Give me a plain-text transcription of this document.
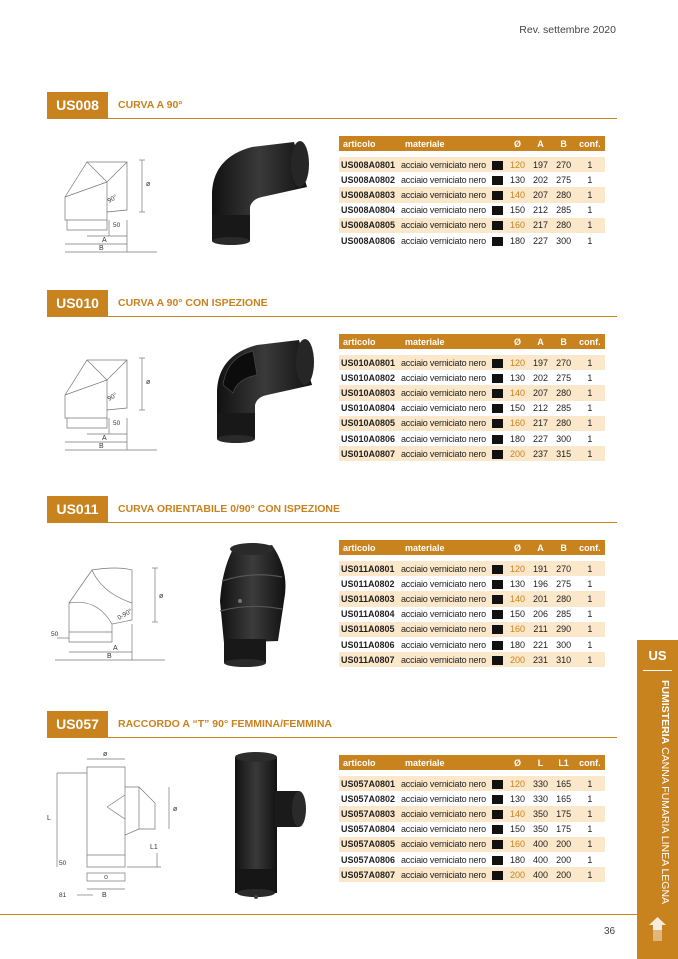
Rev. settembre 2020
US008	CURVA A 90°
ø
90°
50
A
B
articolo	materiale		Ø	A	B	conf.
US008A0801	acciaio verniciato nero		120	197	270	1
US008A0802	acciaio verniciato nero		130	202	275	1
US008A0803	acciaio verniciato nero		140	207	280	1
US008A0804	acciaio verniciato nero		150	212	285	1
US008A0805	acciaio verniciato nero		160	217	280	1
US008A0806	acciaio verniciato nero		180	227	300	1
US010	CURVA A 90° CON ISPEZIONE
ø
90°
50
A
B
articolo	materiale		Ø	A	B	conf.
US010A0801	acciaio verniciato nero		120	197	270	1
US010A0802	acciaio verniciato nero		130	202	275	1
US010A0803	acciaio verniciato nero		140	207	280	1
US010A0804	acciaio verniciato nero		150	212	285	1
US010A0805	acciaio verniciato nero		160	217	280	1
US010A0806	acciaio verniciato nero		180	227	300	1
US010A0807	acciaio verniciato nero		200	237	315	1
US011	CURVA ORIENTABILE 0/90° CON ISPEZIONE
ø
0-90°
50
A
B
articolo	materiale		Ø	A	B	conf.
US011A0801	acciaio verniciato nero		120	191	270	1
US011A0802	acciaio verniciato nero		130	196	275	1
US011A0803	acciaio verniciato nero		140	201	280	1
US011A0804	acciaio verniciato nero		150	206	285	1
US011A0805	acciaio verniciato nero		160	211	290	1
US011A0806	acciaio verniciato nero		180	221	300	1
US011A0807	acciaio verniciato nero		200	231	310	1
US057	RACCORDO A “T” 90° FEMMINA/FEMMINA
ø
L
ø
L1
50
81	B
articolo	materiale		Ø	L	L1	conf.
US057A0801	acciaio verniciato nero		120	330	165	1
US057A0802	acciaio verniciato nero		130	330	165	1
US057A0803	acciaio verniciato nero		140	350	175	1
US057A0804	acciaio verniciato nero		150	350	175	1
US057A0805	acciaio verniciato nero		160	400	200	1
US057A0806	acciaio verniciato nero		180	400	200	1
US057A0807	acciaio verniciato nero		200	400	200	1
US
FUMISTERIA CANNA FUMARIA LINEA LEGNA
36
